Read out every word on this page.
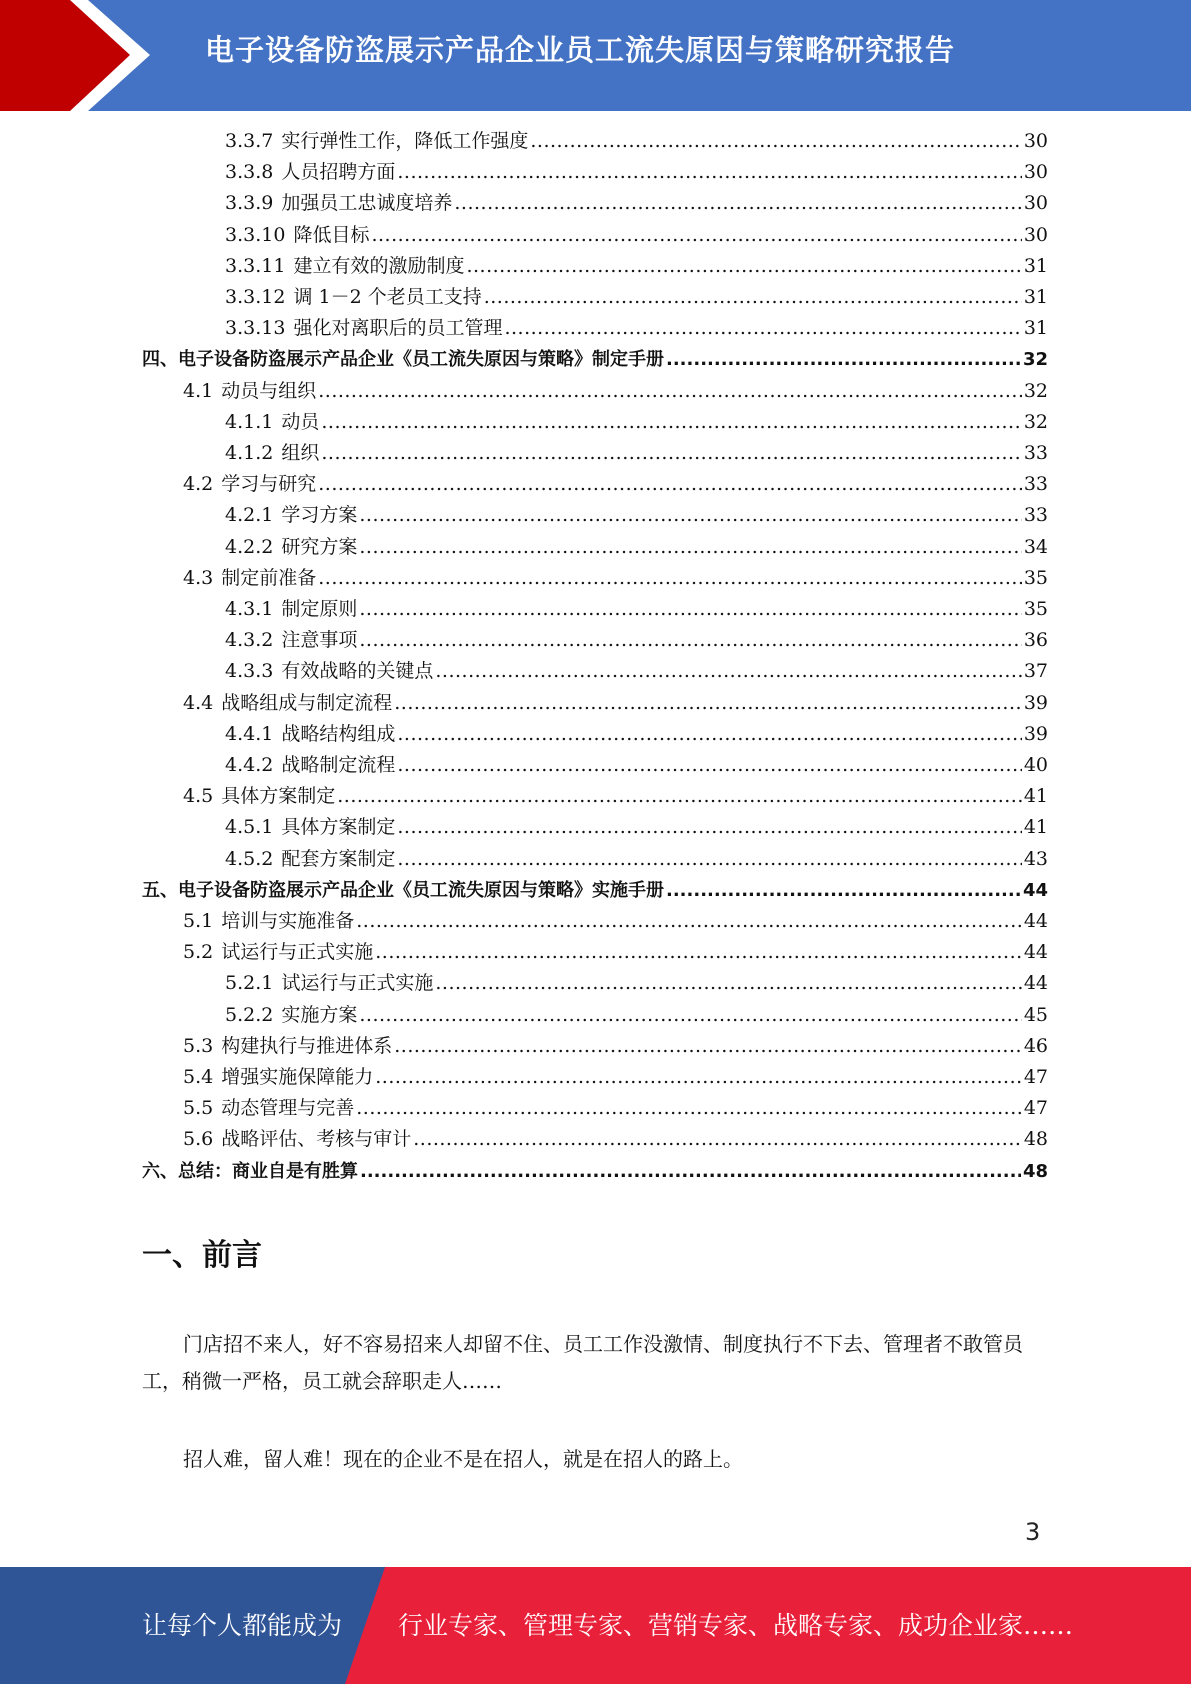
电子设备防盗展示产品企业员工流失原因与策略研究报告
3.3.7 实行弹性工作，降低工作强度 .....	30
3.3.8 人员招聘方面 .....	30
3.3.9 加强员工忠诚度培养 .....	30
3.3.10 降低目标 .....	30
3.3.11 建立有效的激励制度 .....	31
3.3.12 调 1－2 个老员工支持 .....	31
3.3.13 强化对离职后的员工管理 .....	31
四、电子设备防盗展示产品企业《员工流失原因与策略》制定手册 .....	32
4.1 动员与组织 .....	32
4.1.1 动员 .....	32
4.1.2 组织 .....	33
4.2 学习与研究 .....	33
4.2.1 学习方案 .....	33
4.2.2 研究方案 .....	34
4.3 制定前准备 .....	35
4.3.1 制定原则 .....	35
4.3.2 注意事项 .....	36
4.3.3 有效战略的关键点 .....	37
4.4 战略组成与制定流程 .....	39
4.4.1 战略结构组成 .....	39
4.4.2 战略制定流程 .....	40
4.5 具体方案制定 .....	41
4.5.1 具体方案制定 .....	41
4.5.2 配套方案制定 .....	43
五、电子设备防盗展示产品企业《员工流失原因与策略》实施手册 .....	44
5.1 培训与实施准备 .....	44
5.2 试运行与正式实施 .....	44
5.2.1 试运行与正式实施 .....	44
5.2.2 实施方案 .....	45
5.3 构建执行与推进体系 .....	46
5.4 增强实施保障能力 .....	47
5.5 动态管理与完善 .....	47
5.6 战略评估、考核与审计 .....	48
六、总结：商业自是有胜算 .....	48
一、前言
门店招不来人，好不容易招来人却留不住、员工工作没激情、制度执行不下去、管理者不敢管员工，稍微一严格，员工就会辞职走人……
招人难，留人难！现在的企业不是在招人，就是在招人的路上。
3
让每个人都能成为 行业专家、管理专家、营销专家、战略专家、成功企业家……
